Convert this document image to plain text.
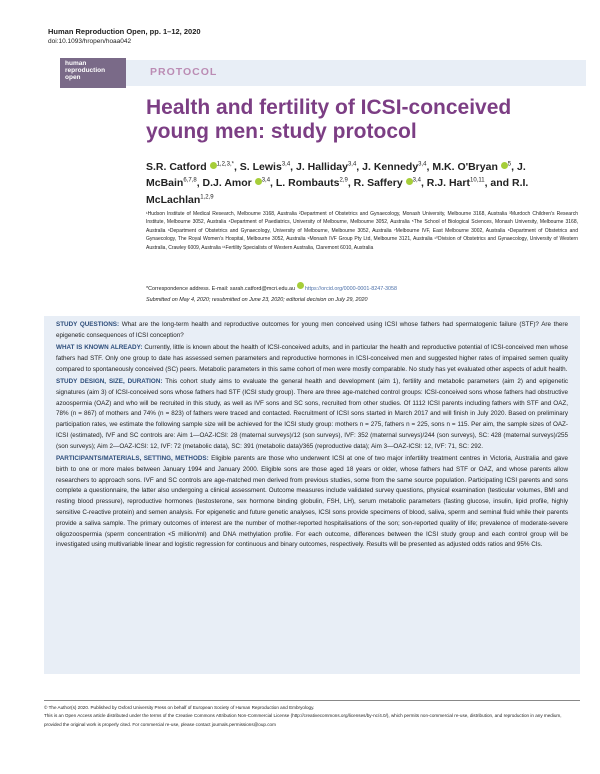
Human Reproduction Open, pp. 1–12, 2020
doi:10.1093/hropen/hoaa042
human
reproduction
open	PROTOCOL
Health and fertility of ICSI-conceived young men: study protocol
S.R. Catford $^{1,2,3,*}$, S. Lewis$^{3,4}$, J. Halliday$^{3,4}$, J. Kennedy$^{3,4}$, M.K. O'Bryan $^5$, J. McBain$^{6,7,8}$, D.J. Amor $^{3,4}$, L. Rombauts$^{2,9}$, R. Saffery $^{3,4}$, R.J. Hart$^{10,11}$, and R.I. McLachlan$^{1,2,9}$
¹Hudson Institute of Medical Research, Melbourne 3168, Australia ²Department of Obstetrics and Gynaecology, Monash University, Melbourne 3168, Australia ³Murdoch Children's Research Institute, Melbourne 3052, Australia ⁴Department of Paediatrics, University of Melbourne, Melbourne 3052, Australia ⁵The School of Biological Sciences, Monash University, Melbourne 3168, Australia ⁶Department of Obstetrics and Gynaecology, University of Melbourne, Melbourne 3052, Australia ⁷Melbourne IVF, East Melbourne 3002, Australia ⁸Department of Obstetrics and Gynaecology, The Royal Women's Hospital, Melbourne 3052, Australia ⁹Monash IVF Group Pty Ltd, Melbourne 3121, Australia ¹⁰Division of Obstetrics and Gynaecology, University of Western Australia, Crawley 6009, Australia ¹¹Fertility Specialists of Western Australia, Claremont 6010, Australia
*Correspondence address. E-mail: sarah.catford@mcri.edu.au https://orcid.org/0000-0001-8247-3058
Submitted on May 4, 2020; resubmitted on June 23, 2020; editorial decision on July 29, 2020

STUDY QUESTIONS: What are the long-term health and reproductive outcomes for young men conceived using ICSI whose fathers had spermatogenic failure (STF)? Are there epigenetic consequences of ICSI conception?

WHAT IS KNOWN ALREADY: Currently, little is known about the health of ICSI-conceived adults, and in particular the health and reproductive potential of ICSI-conceived men whose fathers had STF. Only one group to date has assessed semen parameters and reproductive hormones in ICSI-conceived men and suggested higher rates of impaired semen quality compared to spontaneously conceived (SC) peers. Metabolic parameters in this same cohort of men were mostly comparable. No study has yet evaluated other aspects of adult health.

STUDY DESIGN, SIZE, DURATION: This cohort study aims to evaluate the general health and development (aim 1), fertility and metabolic parameters (aim 2) and epigenetic signatures (aim 3) of ICSI-conceived sons whose fathers had STF (ICSI study group). There are three age-matched control groups: ICSI-conceived sons whose fathers had obstructive azoospermia (OAZ) and who will be recruited in this study, as well as IVF sons and SC sons, recruited from other studies. Of 1112 ICSI parents including fathers with STF and OAZ, 78% (n = 867) of mothers and 74% (n = 823) of fathers were traced and contacted. Recruitment of ICSI sons started in March 2017 and will finish in July 2020. Based on preliminary participation rates, we estimate the following sample size will be achieved for the ICSI study group: mothers n = 275, fathers n = 225, sons n = 115. Per aim, the sample sizes of OAZ-ICSI (estimated), IVF and SC controls are: Aim 1—OAZ-ICSI: 28 (maternal surveys)/12 (son surveys), IVF: 352 (maternal surveys)/244 (son surveys), SC: 428 (maternal surveys)/255 (son surveys); Aim 2—OAZ-ICSI: 12, IVF: 72 (metabolic data), SC: 391 (metabolic data)/365 (reproductive data); Aim 3—OAZ-ICSI: 12, IVF: 71, SC: 292.

PARTICIPANTS/MATERIALS, SETTING, METHODS: Eligible parents are those who underwent ICSI at one of two major infertility treatment centres in Victoria, Australia and gave birth to one or more males between January 1994 and January 2000. Eligible sons are those aged 18 years or older, whose fathers had STF or OAZ, and whose parents allow researchers to approach sons. IVF and SC controls are age-matched men derived from previous studies, some from the same source population. Participating ICSI parents and sons complete a questionnaire, the latter also undergoing a clinical assessment. Outcome measures include validated survey questions, physical examination (testicular volumes, BMI and resting blood pressure), reproductive hormones (testosterone, sex hormone binding globulin, FSH, LH), serum metabolic parameters (fasting glucose, insulin, lipid profile, highly sensitive C-reactive protein) and semen analysis. For epigenetic and future genetic analyses, ICSI sons provide specimens of blood, saliva, sperm and seminal fluid while their parents provide a saliva sample. The primary outcomes of interest are the number of mother-reported hospitalisations of the son; son-reported quality of life; prevalence of moderate-severe oligozoospermia (sperm concentration <5 million/ml) and DNA methylation profile. For each outcome, differences between the ICSI study group and each control group will be investigated using multivariable linear and logistic regression for continuous and binary outcomes, respectively. Results will be presented as adjusted odds ratios and 95% CIs.

© The Author(s) 2020. Published by Oxford University Press on behalf of European Society of Human Reproduction and Embryology.
This is an Open Access article distributed under the terms of the Creative Commons Attribution Non-Commercial License (http://creativecommons.org/licenses/by-nc/4.0/), which permits non-commercial re-use, distribution, and reproduction in any medium, provided the original work is properly cited. For commercial re-use, please contact journals.permissions@oup.com
